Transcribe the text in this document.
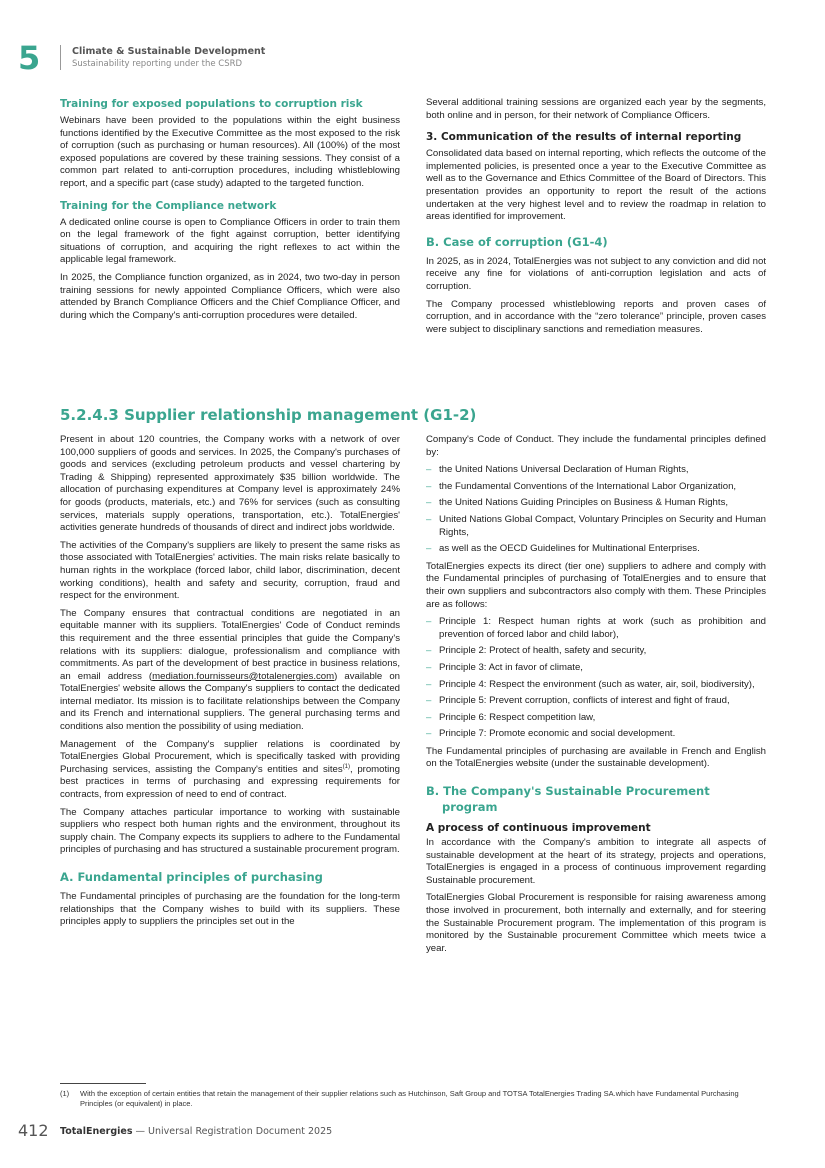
5	Climate & Sustainable Development
Sustainability reporting under the CSRD
Training for exposed populations to corruption risk

Webinars have been provided to the populations within the eight business functions identified by the Executive Committee as the most exposed to the risk of corruption (such as purchasing or human resources). All (100%) of the most exposed populations are covered by these training sessions. They consist of a common part related to anti-corruption procedures, including whistleblowing report, and a specific part (case study) adapted to the targeted function.

Training for the Compliance network

A dedicated online course is open to Compliance Officers in order to train them on the legal framework of the fight against corruption, better identifying situations of corruption, and acquiring the right reflexes to act within the applicable legal framework.

In 2025, the Compliance function organized, as in 2024, two two-day in person training sessions for newly appointed Compliance Officers, which were also attended by Branch Compliance Officers and the Chief Compliance Officer, and during which the Company's anti-corruption procedures were detailed.

Several additional training sessions are organized each year by the segments, both online and in person, for their network of Compliance Officers.

3. Communication of the results of internal reporting

Consolidated data based on internal reporting, which reflects the outcome of the implemented policies, is presented once a year to the Executive Committee as well as to the Governance and Ethics Committee of the Board of Directors. This presentation provides an opportunity to report the result of the actions undertaken at the very highest level and to review the roadmap in relation to areas identified for improvement.

B. Case of corruption (G1-4)

In 2025, as in 2024, TotalEnergies was not subject to any conviction and did not receive any fine for violations of anti-corruption legislation and acts of corruption.

The Company processed whistleblowing reports and proven cases of corruption, and in accordance with the “zero tolerance” principle, proven cases were subject to disciplinary sanctions and remediation measures.

5.2.4.3 Supplier relationship management (G1-2)

Present in about 120 countries, the Company works with a network of over 100,000 suppliers of goods and services. In 2025, the Company's purchases of goods and services (excluding petroleum products and vessel chartering by Trading & Shipping) represented approximately $35 billion worldwide. The allocation of purchasing expenditures at Company level is approximately 24% for goods (products, materials, etc.) and 76% for services (such as consulting services, materials supply operations, transportation, etc.). TotalEnergies' activities generate hundreds of thousands of direct and indirect jobs worldwide.

The activities of the Company's suppliers are likely to present the same risks as those associated with TotalEnergies' activities. The main risks relate basically to human rights in the workplace (forced labor, child labor, discrimination, decent working conditions), health and safety and security, corruption, fraud and respect for the environment.

The Company ensures that contractual conditions are negotiated in an equitable manner with its suppliers. TotalEnergies' Code of Conduct reminds this requirement and the three essential principles that guide the Company's relations with its suppliers: dialogue, professionalism and compliance with commitments. As part of the development of best practice in business relations, an email address (mediation.fournisseurs@totalenergies.com) available on TotalEnergies' website allows the Company's suppliers to contact the dedicated internal mediator. Its mission is to facilitate relationships between the Company and its French and international suppliers. The general purchasing terms and conditions also mention the possibility of using mediation.

Management of the Company's supplier relations is coordinated by TotalEnergies Global Procurement, which is specifically tasked with providing Purchasing services, assisting the Company's entities and sites$^{(1)}$, promoting best practices in terms of purchasing and expressing requirements for contracts, from expression of need to end of contract.

The Company attaches particular importance to working with sustainable suppliers who respect both human rights and the environment, throughout its supply chain. The Company expects its suppliers to adhere to the Fundamental principles of purchasing and has structured a sustainable procurement program.

A. Fundamental principles of purchasing

The Fundamental principles of purchasing are the foundation for the long-term relationships that the Company wishes to build with its suppliers. These principles apply to suppliers the principles set out in the

Company's Code of Conduct. They include the fundamental principles defined by:

– the United Nations Universal Declaration of Human Rights,
– the Fundamental Conventions of the International Labor Organization,
– the United Nations Guiding Principles on Business & Human Rights,
– United Nations Global Compact, Voluntary Principles on Security and Human Rights,
– as well as the OECD Guidelines for Multinational Enterprises.

TotalEnergies expects its direct (tier one) suppliers to adhere and comply with the Fundamental principles of purchasing of TotalEnergies and to ensure that their own suppliers and subcontractors also comply with them. These Principles are as follows:

– Principle 1: Respect human rights at work (such as prohibition and prevention of forced labor and child labor),
– Principle 2: Protect of health, safety and security,
– Principle 3: Act in favor of climate,
– Principle 4: Respect the environment (such as water, air, soil, biodiversity),
– Principle 5: Prevent corruption, conflicts of interest and fight of fraud,
– Principle 6: Respect competition law,
– Principle 7: Promote economic and social development.

The Fundamental principles of purchasing are available in French and English on the TotalEnergies website (under the sustainable development).

B. The Company's Sustainable Procurement
program
A process of continuous improvement

In accordance with the Company's ambition to integrate all aspects of sustainable development at the heart of its strategy, projects and operations, TotalEnergies is engaged in a process of continuous improvement regarding Sustainable procurement.

TotalEnergies Global Procurement is responsible for raising awareness among those involved in procurement, both internally and externally, and for steering the Sustainable Procurement program. The implementation of this program is monitored by the Sustainable procurement Committee which meets twice a year.

(1)	With the exception of certain entities that retain the management of their supplier relations such as Hutchinson, Saft Group and TOTSA TotalEnergies Trading SA.which have Fundamental Purchasing Principles (or equivalent) in place.
412 TotalEnergies — Universal Registration Document 2025
